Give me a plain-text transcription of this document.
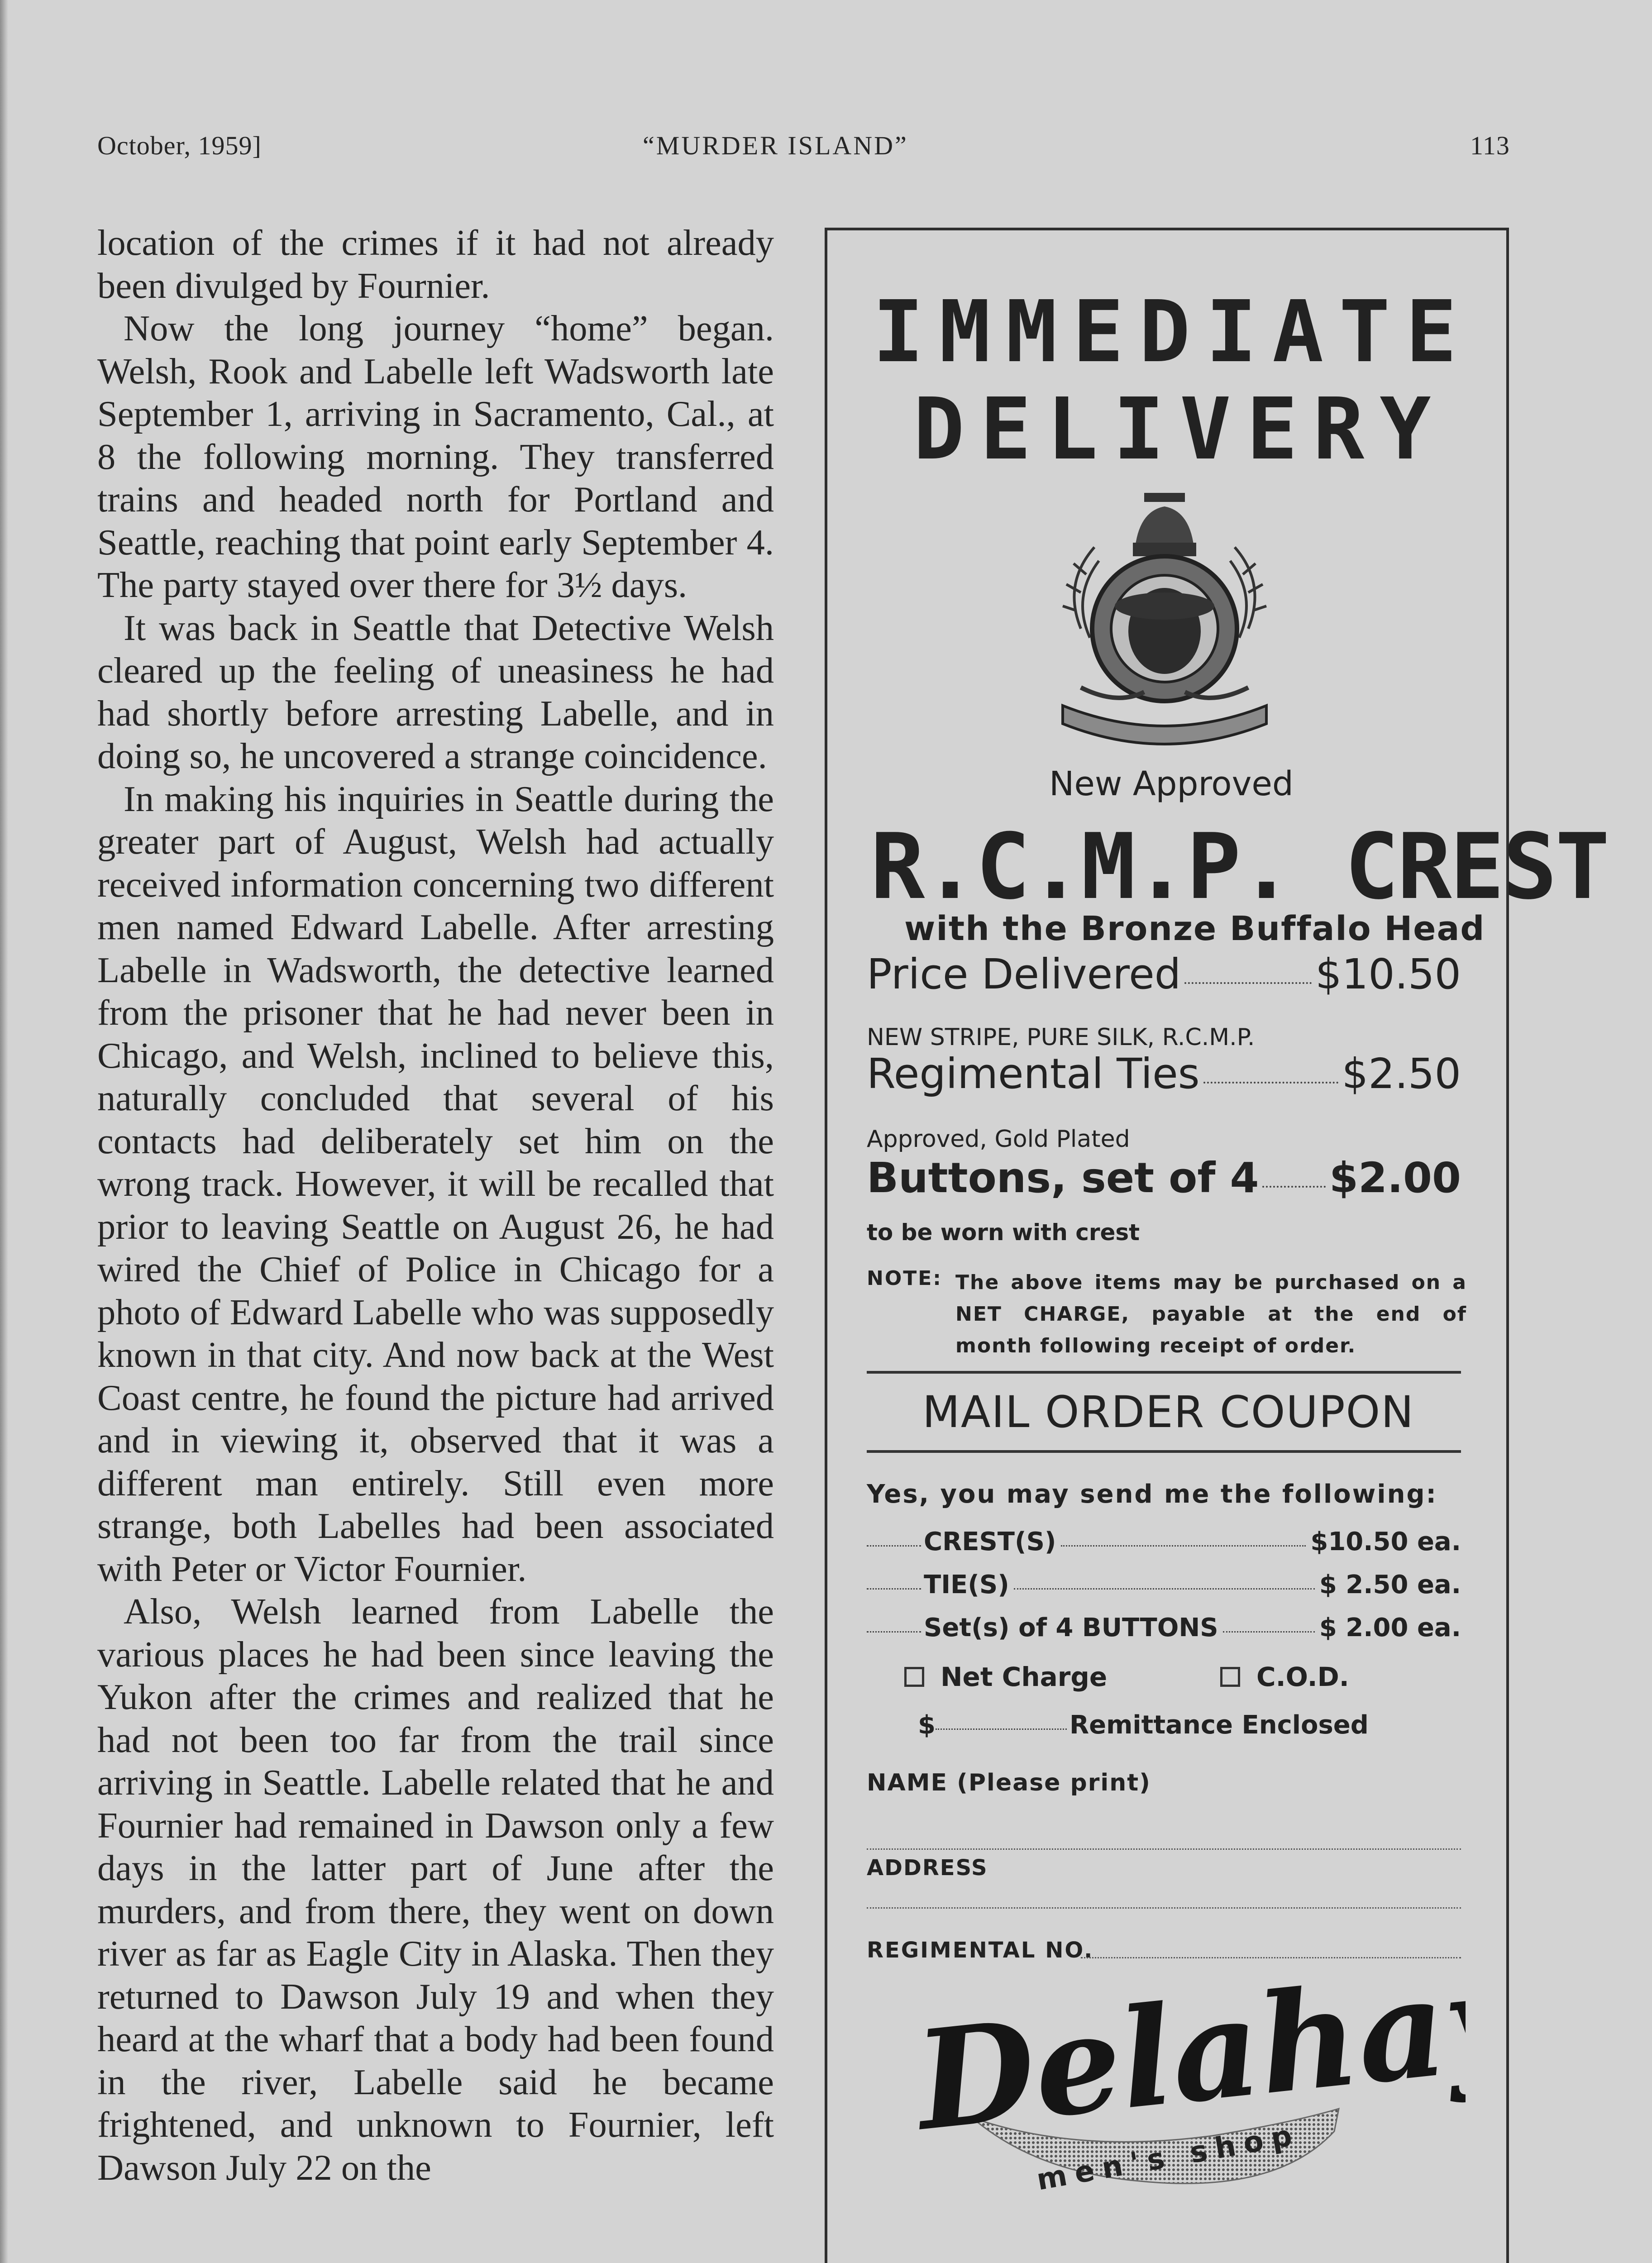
October, 1959]	“MURDER ISLAND”	113

location of the crimes if it had not already been divulged by Fournier.

Now the long journey “home” began. Welsh, Rook and Labelle left Wadsworth late September 1, arriving in Sacramento, Cal., at 8 the following morning. They transferred trains and headed north for Portland and Seattle, reaching that point early September 4. The party stayed over there for 3½ days.

It was back in Seattle that Detective Welsh cleared up the feeling of uneasiness he had had shortly before arresting Labelle, and in doing so, he uncovered a strange coincidence.

In making his inquiries in Seattle during the greater part of August, Welsh had actually received information concerning two different men named Edward Labelle. After arresting Labelle in Wadsworth, the detective learned from the prisoner that he had never been in Chicago, and Welsh, inclined to believe this, naturally concluded that several of his contacts had deliberately set him on the wrong track. However, it will be recalled that prior to leaving Seattle on August 26, he had wired the Chief of Police in Chicago for a photo of Edward Labelle who was supposedly known in that city. And now back at the West Coast centre, he found the picture had arrived and in viewing it, observed that it was a different man entirely. Still even more strange, both Labelles had been associated with Peter or Victor Fournier.

Also, Welsh learned from Labelle the various places he had been since leaving the Yukon after the crimes and realized that he had not been too far from the trail since arriving in Seattle. Labelle related that he and Fournier had remained in Dawson only a few days in the latter part of June after the murders, and from there, they went on down river as far as Eagle City in Alaska. Then they returned to Dawson July 19 and when they heard at the wharf that a body had been found in the river, Labelle said he became frightened, and unknown to Fournier, left Dawson July 22 on the

IMMEDIATE
DELIVERY
New Approved
R.C.M.P. CREST
with the Bronze Buffalo Head
Price Delivered	$10.50
NEW STRIPE, PURE SILK, R.C.M.P.
Regimental Ties	$2.50
Approved, Gold Plated
Buttons, set of 4 $2.00
to be worn with crest
NOTE: The above items may be purchased on a NET CHARGE, payable at the end of month following receipt of order.
MAIL ORDER COUPON
Yes, you may send me the following:
CREST(S)	$10.50 ea.
TIE(S)	$ 2.50 ea.
Set(s) of 4 BUTTONS	$ 2.00 ea.
Net Charge	C.O.D.
$	Remittance Enclosed
NAME (Please print)
ADDRESS
REGIMENTAL NO.
Delahay's
men's shop
